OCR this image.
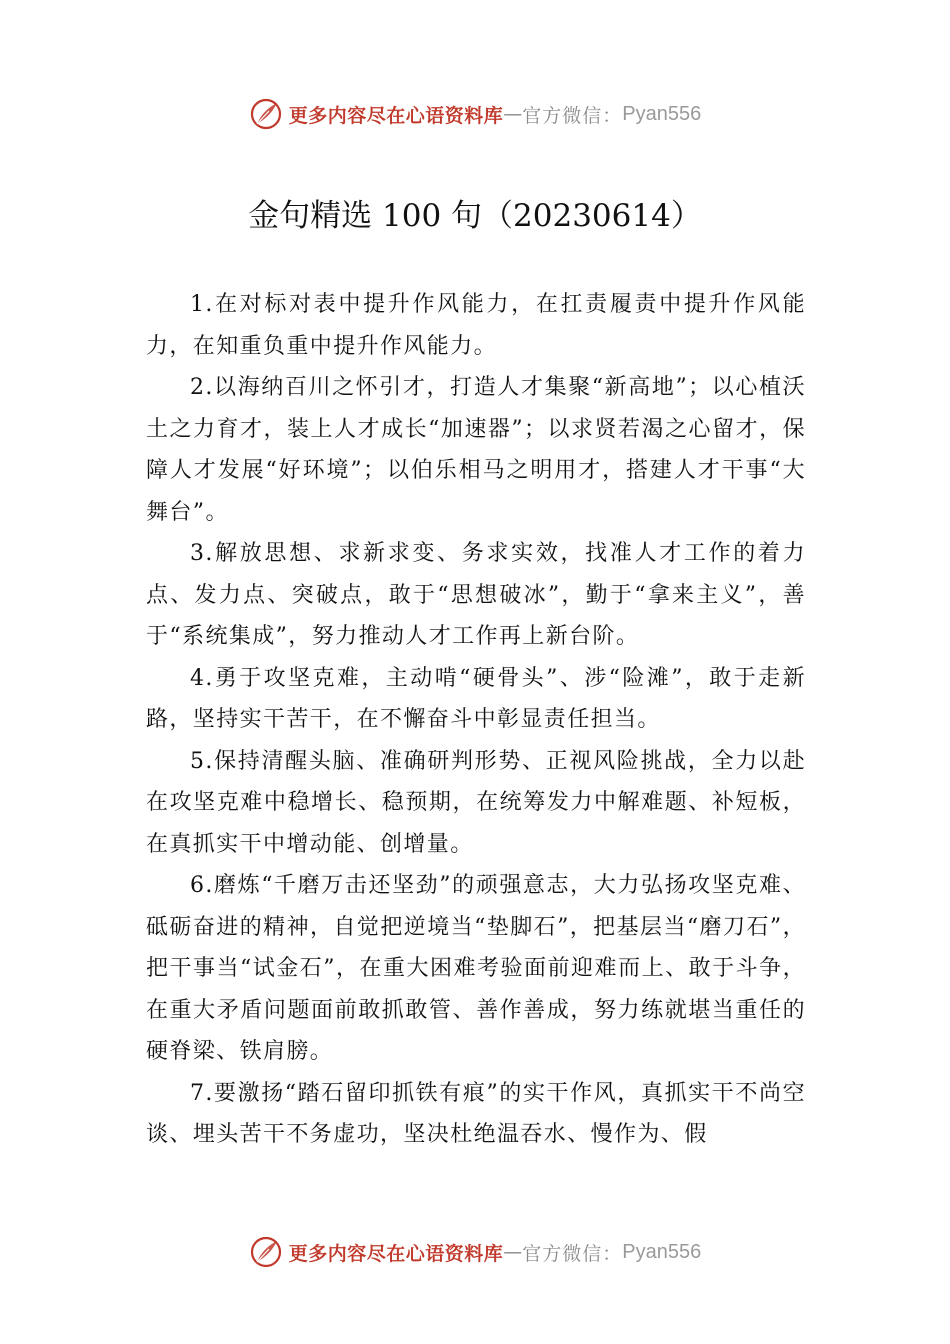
更多内容尽在心语资料库 — 官方微信： Pyan556
金句精选 100 句（20230614）

1.在对标对表中提升作风能力，在扛责履责中提升作风能力，在知重负重中提升作风能力。

2.以海纳百川之怀引才，打造人才集聚“新高地”；以心植沃土之力育才，装上人才成长“加速器”；以求贤若渴之心留才，保障人才发展“好环境”；以伯乐相马之明用才，搭建人才干事“大舞台”。

3.解放思想、求新求变、务求实效，找准人才工作的着力点、发力点、突破点，敢于“思想破冰”，勤于“拿来主义”，善于“系统集成”，努力推动人才工作再上新台阶。

4.勇于攻坚克难，主动啃“硬骨头”、涉“险滩”，敢于走新路，坚持实干苦干，在不懈奋斗中彰显责任担当。

5.保持清醒头脑、准确研判形势、正视风险挑战，全力以赴在攻坚克难中稳增长、稳预期，在统筹发力中解难题、补短板，在真抓实干中增动能、创增量。

6.磨炼“千磨万击还坚劲”的顽强意志，大力弘扬攻坚克难、砥砺奋进的精神，自觉把逆境当“垫脚石”，把基层当“磨刀石”，把干事当“试金石”，在重大困难考验面前迎难而上、敢于斗争，在重大矛盾问题面前敢抓敢管、善作善成，努力练就堪当重任的硬脊梁、铁肩膀。

7.要激扬“踏石留印抓铁有痕”的实干作风，真抓实干不尚空谈、埋头苦干不务虚功，坚决杜绝温吞水、慢作为、假

更多内容尽在心语资料库 — 官方微信： Pyan556
